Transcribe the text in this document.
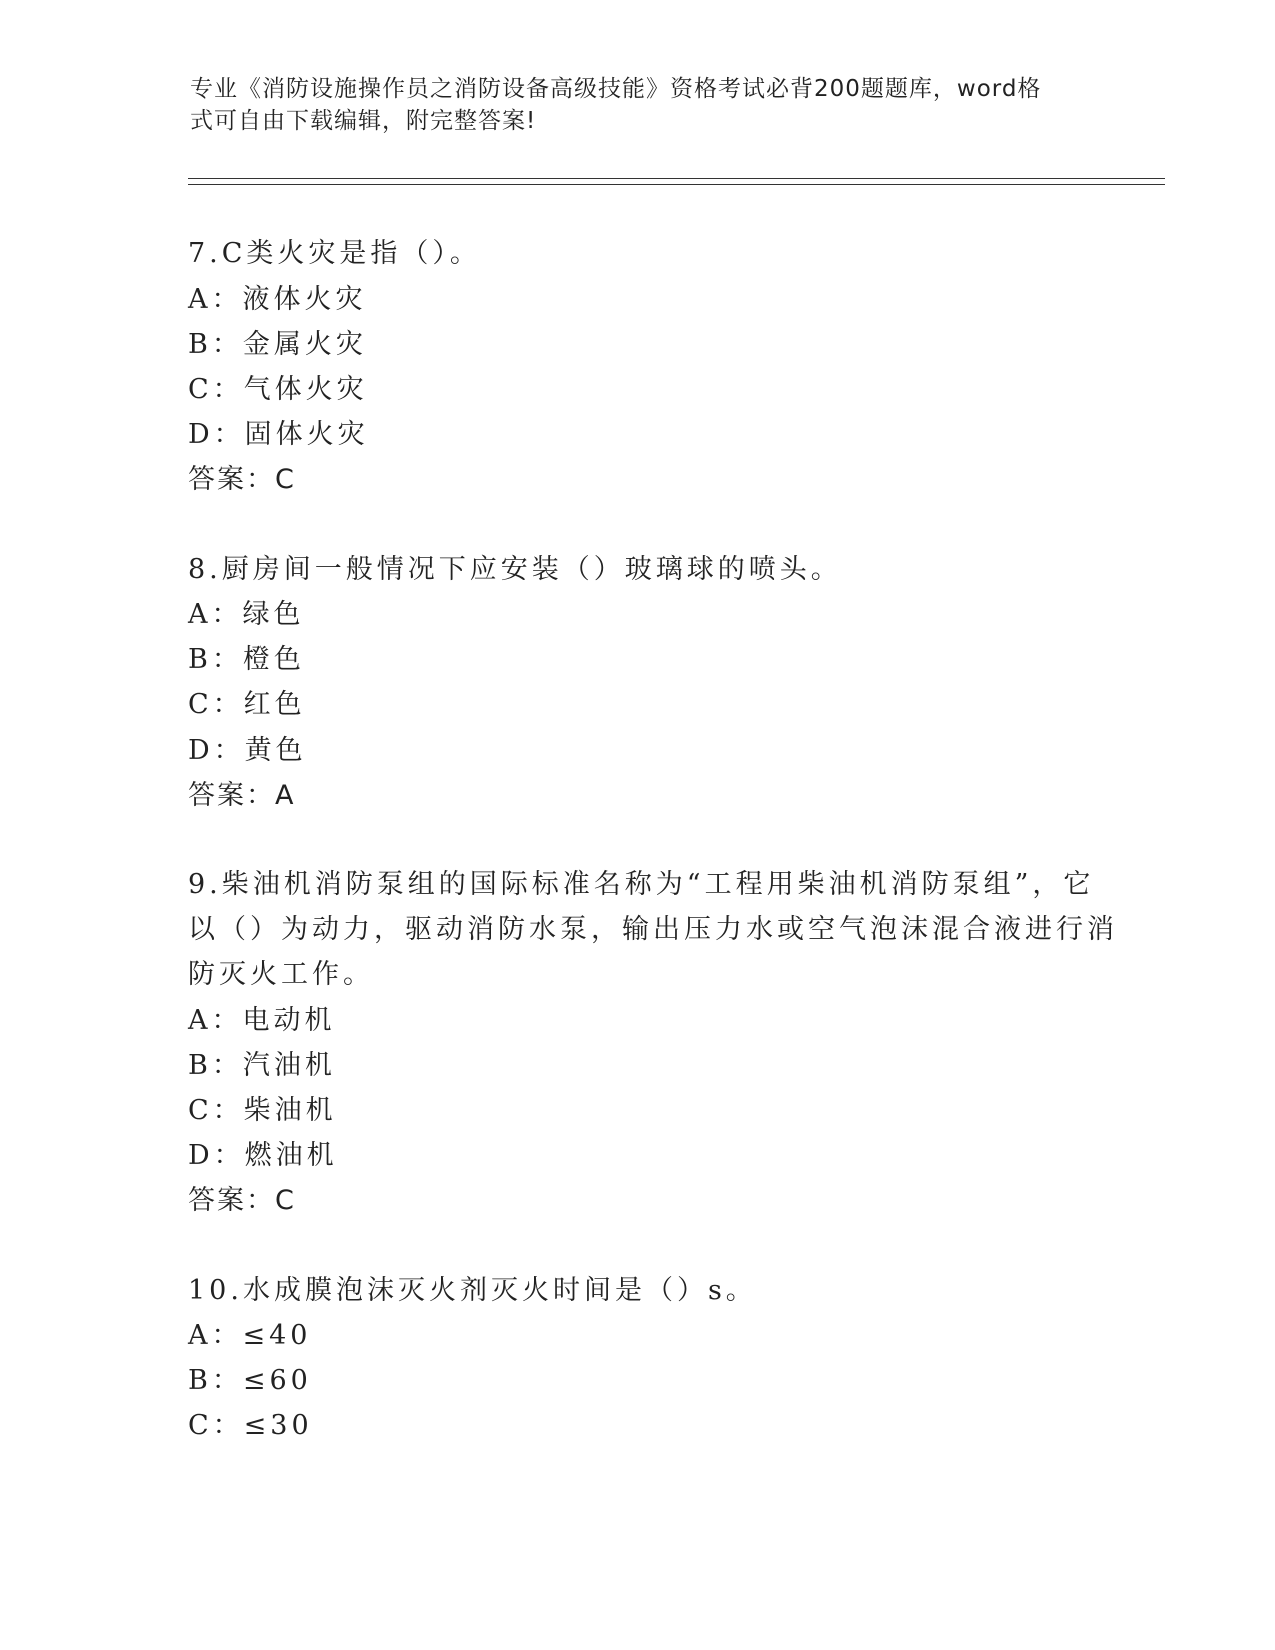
专业《消防设施操作员之消防设备高级技能》资格考试必背200题题库，word格
式可自由下载编辑，附完整答案!
7.C类火灾是指（）。
A：液体火灾
B：金属火灾
C：气体火灾
D：固体火灾
答案：C
8.厨房间一般情况下应安装（）玻璃球的喷头。
A：绿色
B：橙色
C：红色
D：黄色
答案：A
9.柴油机消防泵组的国际标准名称为“工程用柴油机消防泵组”，它
以（）为动力，驱动消防水泵，输出压力水或空气泡沫混合液进行消
防灭火工作。
A：电动机
B：汽油机
C：柴油机
D：燃油机
答案：C
10.水成膜泡沫灭火剂灭火时间是（）s。
A：≤40
B：≤60
C：≤30
